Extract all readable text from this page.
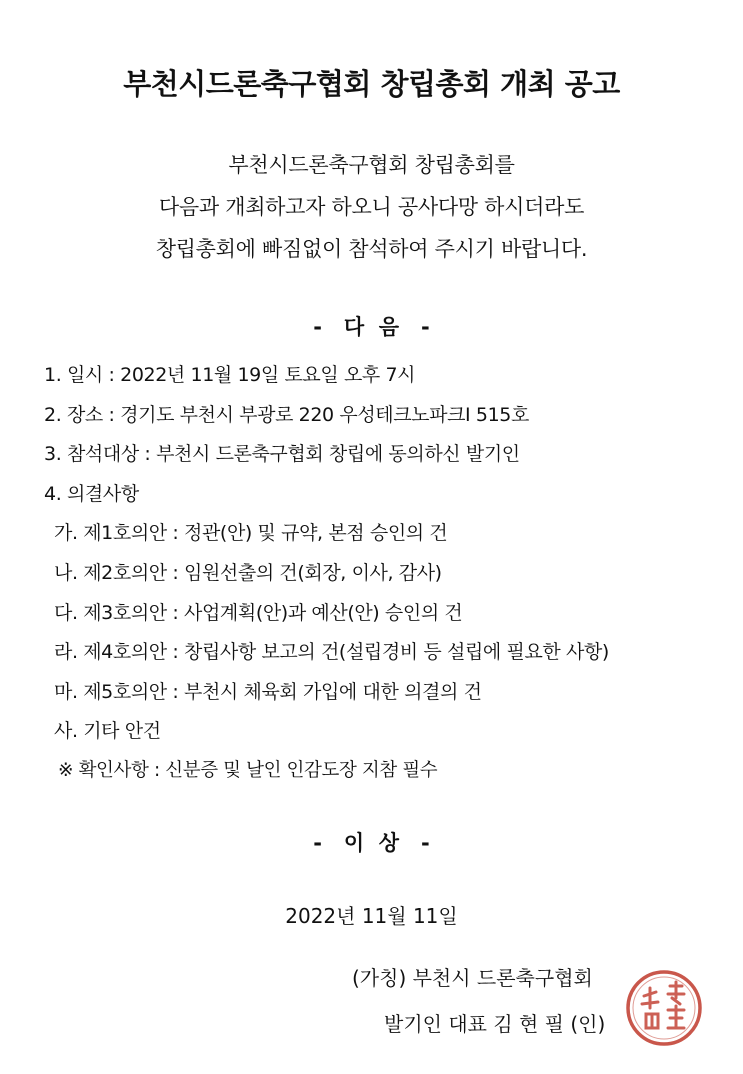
부천시드론축구협회 창립총회 개최 공고
부천시드론축구협회 창립총회를
다음과 개최하고자 하오니 공사다망 하시더라도
창립총회에 빠짐없이 참석하여 주시기 바랍니다.
-   다  음   -
1. 일시 : 2022년 11월 19일 토요일 오후 7시
2. 장소 : 경기도 부천시 부광로 220 우성테크노파크I 515호
3. 참석대상 : 부천시 드론축구협회 창립에 동의하신 발기인
4. 의결사항
가. 제1호의안 : 정관(안) 및 규약, 본점 승인의 건
나. 제2호의안 : 임원선출의 건(회장, 이사, 감사)
다. 제3호의안 : 사업계획(안)과 예산(안) 승인의 건
라. 제4호의안 : 창립사항 보고의 건(설립경비 등 설립에 필요한 사항)
마. 제5호의안 : 부천시 체육회 가입에 대한 의결의 건
사. 기타 안건
※ 확인사항 : 신분증 및 날인 인감도장 지참 필수
-   이  상   -
2022년 11월 11일
(가칭) 부천시 드론축구협회
발기인 대표 김 현 필 (인)
